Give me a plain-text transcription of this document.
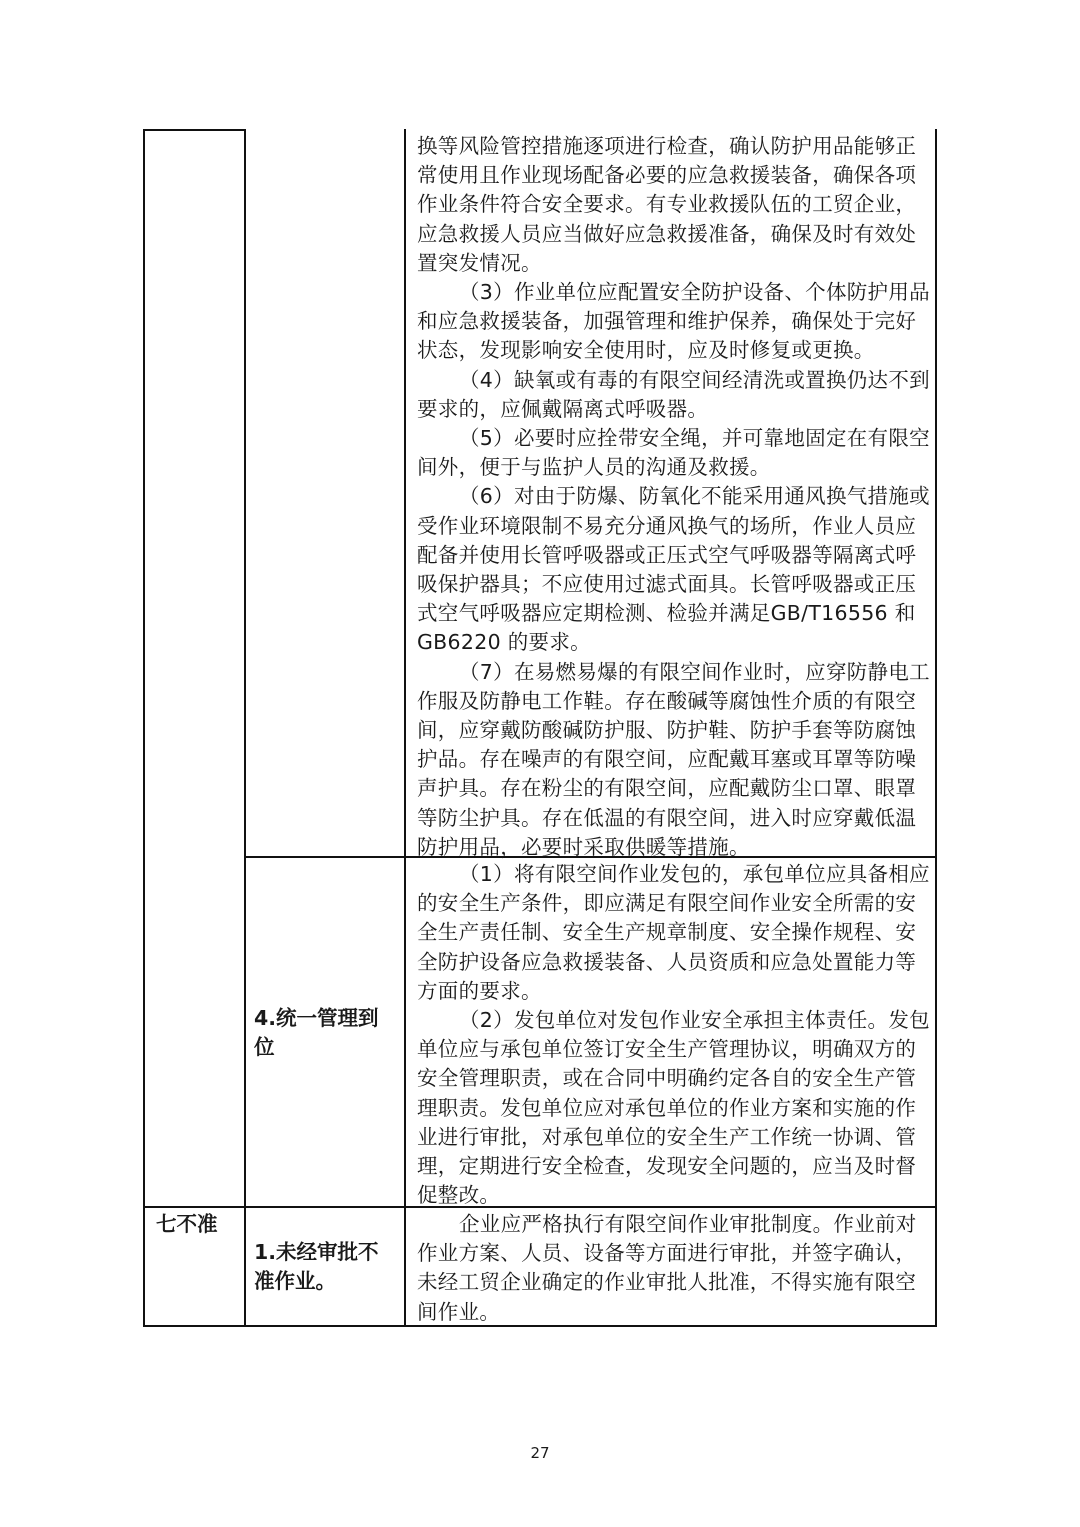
换等风险管控措施逐项进行检查，确认防护用品能够正常使用且作业现场配备必要的应急救援装备，确保各项作业条件符合安全要求。有专业救援队伍的工贸企业，应急救援人员应当做好应急救援准备，确保及时有效处置突发情况。

（3）作业单位应配置安全防护设备、个体防护用品和应急救援装备，加强管理和维护保养，确保处于完好状态，发现影响安全使用时，应及时修复或更换。

（4）缺氧或有毒的有限空间经清洗或置换仍达不到要求的，应佩戴隔离式呼吸器。

（5）必要时应拴带安全绳，并可靠地固定在有限空间外，便于与监护人员的沟通及救援。

（6）对由于防爆、防氧化不能采用通风换气措施或受作业环境限制不易充分通风换气的场所，作业人员应配备并使用长管呼吸器或正压式空气呼吸器等隔离式呼吸保护器具；不应使用过滤式面具。长管呼吸器或正压式空气呼吸器应定期检测、检验并满足GB/T16556 和 GB6220 的要求。

（7）在易燃易爆的有限空间作业时，应穿防静电工作服及防静电工作鞋。存在酸碱等腐蚀性介质的有限空间，应穿戴防酸碱防护服、防护鞋、防护手套等防腐蚀护品。存在噪声的有限空间，应配戴耳塞或耳罩等防噪声护具。存在粉尘的有限空间，应配戴防尘口罩、眼罩等防尘护具。存在低温的有限空间，进入时应穿戴低温防护用品，必要时采取供暖等措施。

4.统一管理到位

（1）将有限空间作业发包的，承包单位应具备相应的安全生产条件，即应满足有限空间作业安全所需的安全生产责任制、安全生产规章制度、安全操作规程、安全防护设备应急救援装备、人员资质和应急处置能力等方面的要求。

（2）发包单位对发包作业安全承担主体责任。发包单位应与承包单位签订安全生产管理协议，明确双方的安全管理职责，或在合同中明确约定各自的安全生产管理职责。发包单位应对承包单位的作业方案和实施的作业进行审批，对承包单位的安全生产工作统一协调、管理，定期进行安全检查，发现安全问题的，应当及时督促整改。

七不准

1.未经审批不准作业。

企业应严格执行有限空间作业审批制度。作业前对作业方案、人员、设备等方面进行审批，并签字确认，未经工贸企业确定的作业审批人批准，不得实施有限空间作业。

27
